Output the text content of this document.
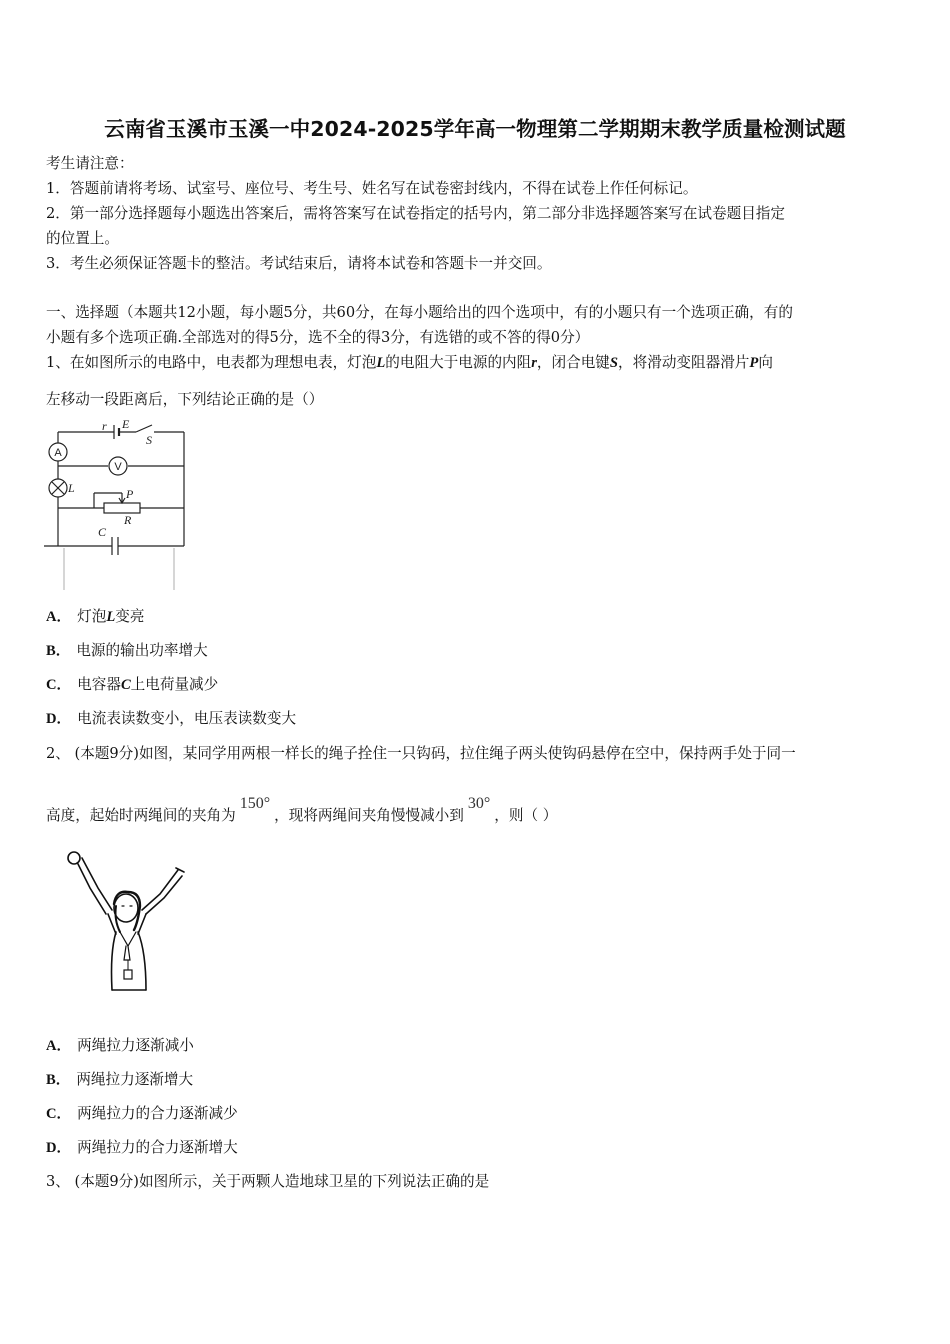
云南省玉溪市玉溪一中2024-2025学年高一物理第二学期期末教学质量检测试题
考生请注意：
1．答题前请将考场、试室号、座位号、考生号、姓名写在试卷密封线内，不得在试卷上作任何标记。
2．第一部分选择题每小题选出答案后，需将答案写在试卷指定的括号内，第二部分非选择题答案写在试卷题目指定
的位置上。
3．考生必须保证答题卡的整洁。考试结束后，请将本试卷和答题卡一并交回。
一、选择题（本题共12小题，每小题5分，共60分，在每小题给出的四个选项中，有的小题只有一个选项正确，有的
小题有多个选项正确.全部选对的得5分，选不全的得3分，有选错的或不答的得0分）
1、在如图所示的电路中，电表都为理想电表，灯泡L的电阻大于电源的内阻r，闭合电键S，将滑动变阻器滑片P向
左移动一段距离后，下列结论正确的是（）
r E
S
L	P
R
C
A
V
A． 灯泡L变亮
B． 电源的输出功率增大
C． 电容器C上电荷量减少
D． 电流表读数变小，电压表读数变大
2、 (本题9分)如图，某同学用两根一样长的绳子拴住一只钩码，拉住绳子两头使钩码悬停在空中，保持两手处于同一
高度，起始时两绳间的夹角为150°，现将两绳间夹角慢慢减小到30°，则（ ）
A． 两绳拉力逐渐减小
B． 两绳拉力逐渐增大
C． 两绳拉力的合力逐渐减少
D． 两绳拉力的合力逐渐增大
3、 (本题9分)如图所示，关于两颗人造地球卫星的下列说法正确的是
